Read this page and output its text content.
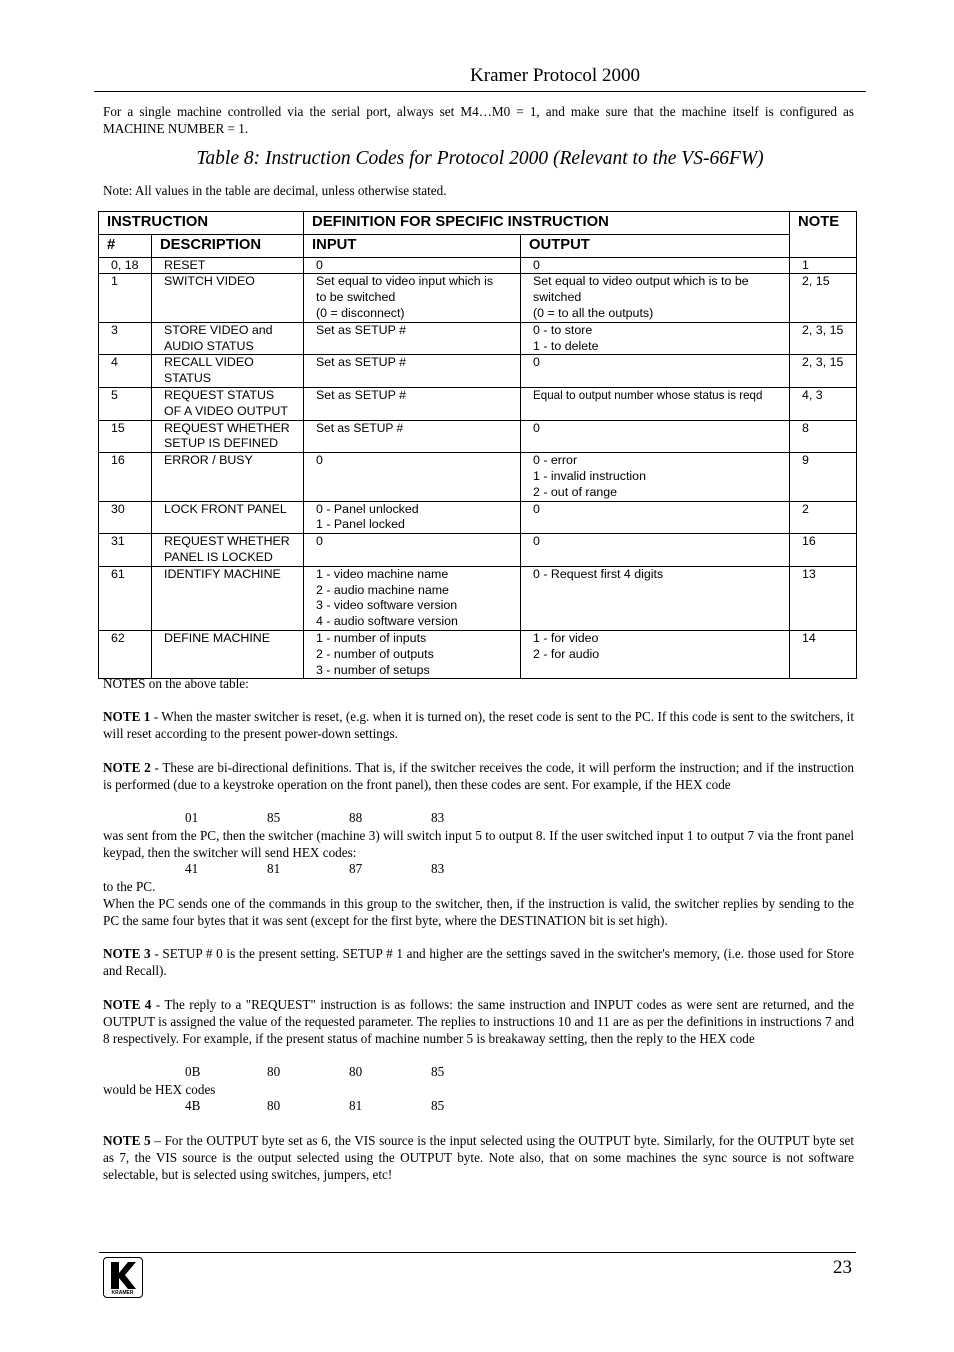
Kramer Protocol 2000

For a single machine controlled via the serial port, always set M4…M0 = 1, and make sure that the machine itself is configured as MACHINE NUMBER = 1.

Table 8: Instruction Codes for Protocol 2000 (Relevant to the VS-66FW)
Note: All values in the table are decimal, unless otherwise stated.
INSTRUCTION		DEFINITION FOR SPECIFIC INSTRUCTION		NOTE
#	DESCRIPTION	INPUT	OUTPUT	
0, 18	RESET	0	0	1
1	SWITCH VIDEO	Set equal to video input which is
to be switched
(0 = disconnect)	Set equal to video output which is to be
switched
(0 = to all the outputs)	2, 15
3	STORE VIDEO and
AUDIO STATUS	Set as SETUP #	0 - to store
1 - to delete	2, 3, 15
4	RECALL VIDEO
STATUS	Set as SETUP #	0	2, 3, 15
5	REQUEST STATUS
OF A VIDEO OUTPUT	Set as SETUP #	Equal to output number whose status is reqd	4, 3
15	REQUEST WHETHER
SETUP IS DEFINED	Set as SETUP #	0	8
16	ERROR / BUSY	0	0 - error
1 - invalid instruction
2 - out of range	9
30	LOCK FRONT PANEL	0 - Panel unlocked
1 - Panel locked	0	2
31	REQUEST WHETHER
PANEL IS LOCKED	0	0	16
61	IDENTIFY MACHINE	1 - video machine name
2 - audio machine name
3 - video software version
4 - audio software version	0 - Request first 4 digits	13
62	DEFINE MACHINE	1 - number of inputs
2 - number of outputs
3 - number of setups	1 - for video
2 - for audio	14
NOTES on the above table:

NOTE 1 - When the master switcher is reset, (e.g. when it is turned on), the reset code is sent to the PC. If this code is sent to the switchers, it will reset according to the present power-down settings.

NOTE 2 - These are bi-directional definitions. That is, if the switcher receives the code, it will perform the instruction; and if the instruction is performed (due to a keystroke operation on the front panel), then these codes are sent. For example, if the HEX code

01	85	88	83
was sent from the PC, then the switcher (machine 3) will switch input 5 to output 8. If the user switched input 1 to output 7 via the front panel keypad, then the switcher will send HEX codes:
41	81	87	83
to the PC.
When the PC sends one of the commands in this group to the switcher, then, if the instruction is valid, the switcher replies by sending to the PC the same four bytes that it was sent (except for the first byte, where the DESTINATION bit is set high).

NOTE 3 - SETUP # 0 is the present setting. SETUP # 1 and higher are the settings saved in the switcher's memory, (i.e. those used for Store and Recall).

NOTE 4 - The reply to a "REQUEST" instruction is as follows: the same instruction and INPUT codes as were sent are returned, and the OUTPUT is assigned the value of the requested parameter. The replies to instructions 10 and 11 are as per the definitions in instructions 7 and 8 respectively. For example, if the present status of machine number 5 is breakaway setting, then the reply to the HEX code

0B	80	80	85
would be HEX codes
4B	80	81	85

NOTE 5 – For the OUTPUT byte set as 6, the VIS source is the input selected using the OUTPUT byte. Similarly, for the OUTPUT byte set as 7, the VIS source is the output selected using the OUTPUT byte. Note also, that on some machines the sync source is not software selectable, but is selected using switches, jumpers, etc!

KRAMER
23
